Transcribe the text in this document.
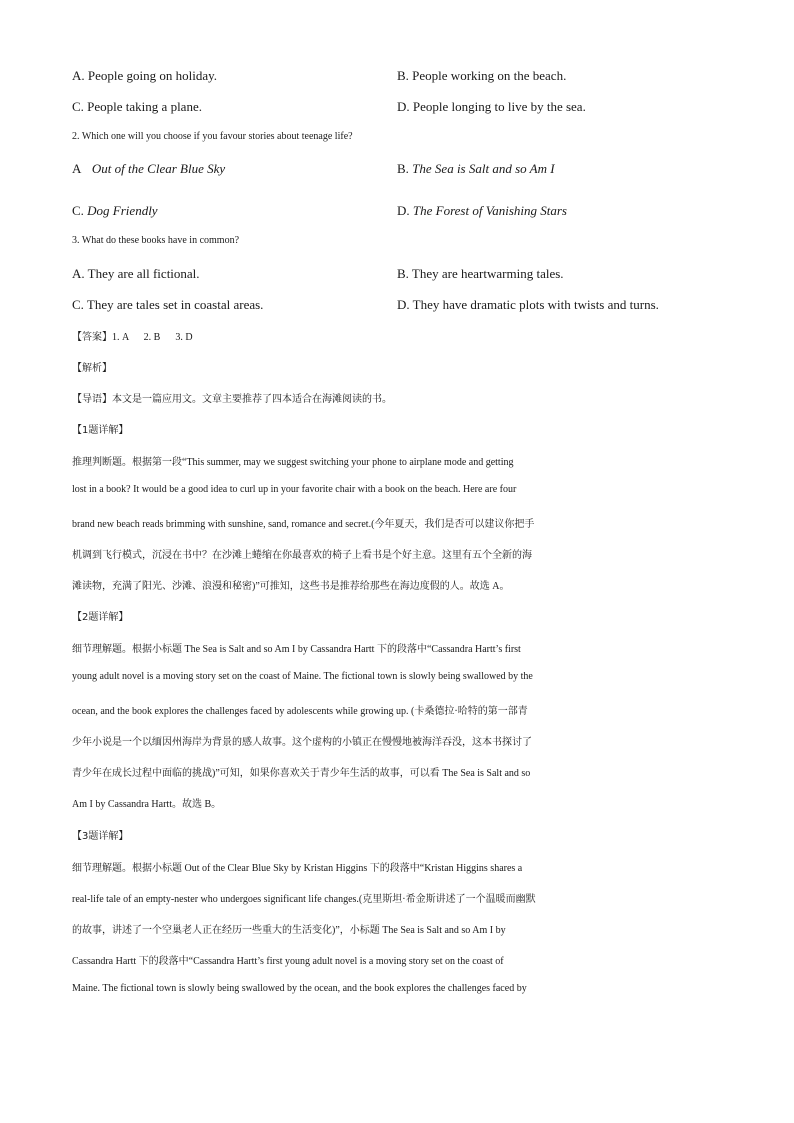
A. People going on holiday.	B. People working on the beach.
C. People taking a plane.	D. People longing to live by the sea.
2. Which one will you choose if you favour stories about teenage life?
A Out of the Clear Blue Sky	B. The Sea is Salt and so Am I
C. Dog Friendly	D. The Forest of Vanishing Stars
3. What do these books have in common?
A. They are all fictional.	B. They are heartwarming tales.
C. They are tales set in coastal areas.	D. They have dramatic plots with twists and turns.
【答案】1. A      2. B      3. D
【解析】
【导语】本文是一篇应用文。文章主要推荐了四本适合在海滩阅读的书。
【1题详解】
推理判断题。根据第一段“This summer, may we suggest switching your phone to airplane mode and getting
lost in a book? It would be a good idea to curl up in your favorite chair with a book on the beach. Here are four
brand new beach reads brimming with sunshine, sand, romance and secret.(今年夏天，我们是否可以建议你把手
机调到飞行模式，沉浸在书中？在沙滩上蜷缩在你最喜欢的椅子上看书是个好主意。这里有五个全新的海
滩读物，充满了阳光、沙滩、浪漫和秘密)”可推知，这些书是推荐给那些在海边度假的人。故选 A。
【2题详解】
细节理解题。根据小标题 The Sea is Salt and so Am I by Cassandra Hartt 下的段落中“Cassandra Hartt’s first
young adult novel is a moving story set on the coast of Maine. The fictional town is slowly being swallowed by the
ocean, and the book explores the challenges faced by adolescents while growing up. (卡桑德拉·哈特的第一部青
少年小说是一个以缅因州海岸为背景的感人故事。这个虚构的小镇正在慢慢地被海洋吞没，这本书探讨了
青少年在成长过程中面临的挑战)”可知，如果你喜欢关于青少年生活的故事，可以看 The Sea is Salt and so
Am I by Cassandra Hartt。故选 B。
【3题详解】
细节理解题。根据小标题 Out of the Clear Blue Sky by Kristan Higgins 下的段落中“Kristan Higgins shares a
real-life tale of an empty-nester who undergoes significant life changes.(克里斯坦·希金斯讲述了一个温暖而幽默
的故事，讲述了一个空巢老人正在经历一些重大的生活变化)”，小标题 The Sea is Salt and so Am I by
Cassandra Hartt 下的段落中“Cassandra Hartt’s first young adult novel is a moving story set on the coast of
Maine. The fictional town is slowly being swallowed by the ocean, and the book explores the challenges faced by
